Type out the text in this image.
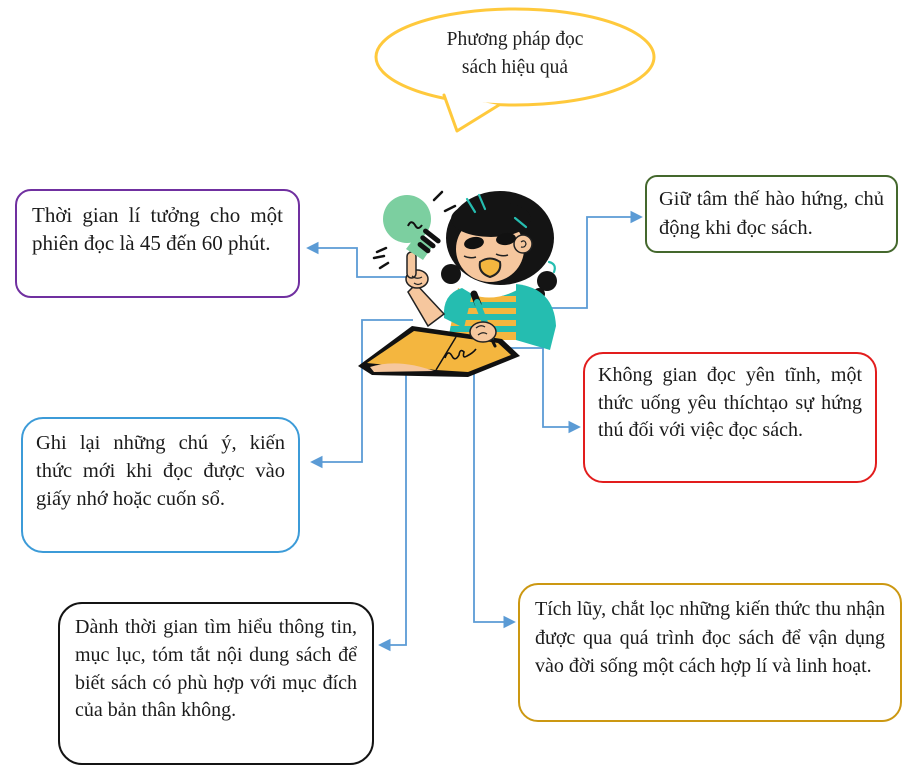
Phương pháp đọc
sách hiệu quả
Thời gian lí tưởng cho một phiên đọc là 45 đến 60 phút.
Giữ tâm thế hào hứng, chủ động khi đọc sách.
Không gian đọc yên tĩnh, một thức uống yêu thíchtạo sự hứng thú đối với việc đọc sách.
Ghi lại những chú ý, kiến thức mới khi đọc được vào giấy nhớ hoặc cuốn sổ.
Dành thời gian tìm hiểu thông tin, mục lục, tóm tắt nội dung sách để biết sách có phù hợp với mục đích của bản thân không.
Tích lũy, chắt lọc những kiến thức thu nhận được qua quá trình đọc sách để vận dụng vào đời sống một cách hợp lí và linh hoạt.
